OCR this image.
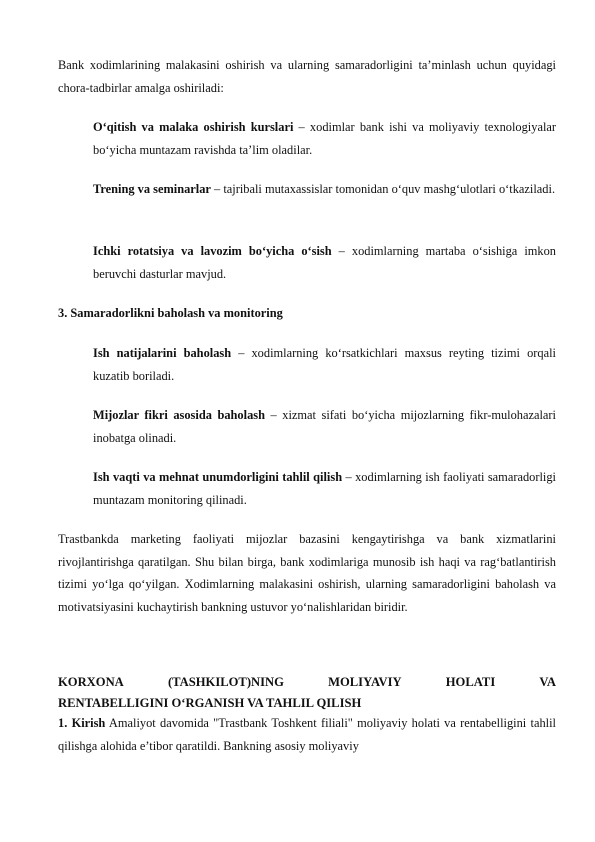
Bank xodimlarining malakasini oshirish va ularning samaradorligini ta’minlash uchun quyidagi chora-tadbirlar amalga oshiriladi:

O‘qitish va malaka oshirish kurslari – xodimlar bank ishi va moliyaviy texnologiyalar bo‘yicha muntazam ravishda ta’lim oladilar.

Trening va seminarlar – tajribali mutaxassislar tomonidan o‘quv mashg‘ulotlari o‘tkaziladi.

Ichki rotatsiya va lavozim bo‘yicha o‘sish – xodimlarning martaba o‘sishiga imkon beruvchi dasturlar mavjud.

3. Samaradorlikni baholash va monitoring

Ish natijalarini baholash – xodimlarning ko‘rsatkichlari maxsus reyting tizimi orqali kuzatib boriladi.

Mijozlar fikri asosida baholash – xizmat sifati bo‘yicha mijozlarning fikr-mulohazalari inobatga olinadi.

Ish vaqti va mehnat unumdorligini tahlil qilish – xodimlarning ish faoliyati samaradorligi muntazam monitoring qilinadi.

Trastbankda marketing faoliyati mijozlar bazasini kengaytirishga va bank xizmatlarini rivojlantirishga qaratilgan. Shu bilan birga, bank xodimlariga munosib ish haqi va rag‘batlantirish tizimi yo‘lga qo‘yilgan. Xodimlarning malakasini oshirish, ularning samaradorligini baholash va motivatsiyasini kuchaytirish bankning ustuvor yo‘nalishlaridan biridir.

KORXONA	(TASHKILOT)NING	MOLIYAVIY	HOLATI	VA

RENTABELLIGINI O‘RGANISH VA TAHLIL QILISH

1. Kirish Amaliyot davomida "Trastbank Toshkent filiali" moliyaviy holati va rentabelligini tahlil qilishga alohida e’tibor qaratildi. Bankning asosiy moliyaviy
